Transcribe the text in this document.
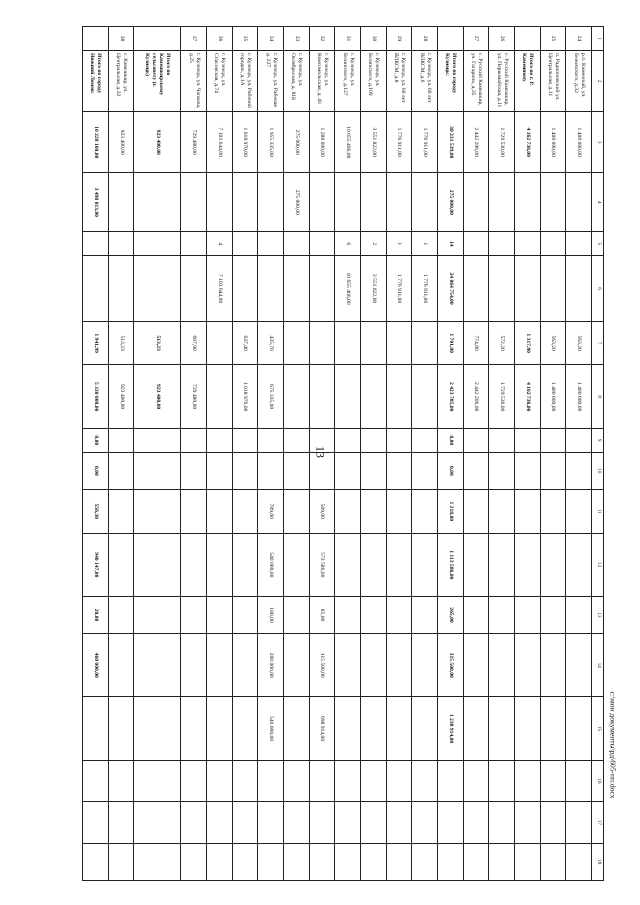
13
1	2	3	4	5	6	7	8	9	10	11	12	13	14	15	16	17	18
24	р.п. Каменный, ул. Бежевского, д.32	1 400 000,00				563,20	1 400 000,00										
25	п. Радионовский ул. Центральная, д.11	1 400 000,00				563,20	1 400 000,00										
	Итого по г. Р. Каменному	4 162 736,00				1 317,00	4 162 736,00										
26	с. Русский Камешкир, ул. Первомайская, д.11	1 729 530,00				572,20	1 729 530,00										
27	с. Русский Камешкир, ул. Гагарина, д.35	2 442 206,00				774,80	2 442 206,00										
	Итого по городу Кузнецк:	30 231 539,00	275 000,00	14	24 864 754,00	1 701,00	2 423 785,00	0,00	0,00	1 218,00	1 113 586,00	265,00	315 500,00	1 238 914,00			
28	г. Кузнецк, ул. 60 лет ВЛКСМ, д.6	1 776 911,00		1	1 776 911,00												
29	г. Кузнецк, ул. 60 лет ВЛКСМ, д.8	1 776 911,00		1	1 776 911,00												
30	г. Кузнецк, ул. Белинского, д.109	3 551 822,00		2	3 551 822,00												
31	г. Кузнецк, ул. Белинского, д.127	10 655 466,00		6	10 655 466,00												
32	г. Кузнецк, ул. Комсомольская, д. 43	1 288 000,00								509,00	573 586,00	85,00	115 500,00	698 914,00			
33	г. Кузнецк, ул. Октябрьская, д. 81Б	275 000,00	275 000,00														
34	г. Кузнецк, ул. Рабочая д. 227	1 955 335,00				435,70	675 335,00			709,00	540 000,00	180,00	200 000,00	540 000,00			
35	г. Кузнецк, ул. Рабочий городок, д.1А	1 018 970,00				637,40	1 018 970,00										
36	г. Кузнецк, ул. Спасовская, д.74	7 103 644,00		4	7 103 644,00												
37	г. Кузнецк, ул. Чапаева, д.25	729 480,00				607,90	729 480,00										
	Итого по Камешкирскому сельсовету (г. Кузнецк)	923 400,00				513,23	923 400,00										
38	с. Камешкир, ул. Центральная, д.32	923 400,00				513,23	923 400,00										
	Итого по городу Нижний Ломов:	10 228 160,00	3 498 013,00			1 941,99	5 330 000,00	0,00	0,00	556,30	940 147,00	20,00	460 000,00				
c:\мои документы\рд\605-пп.docx
